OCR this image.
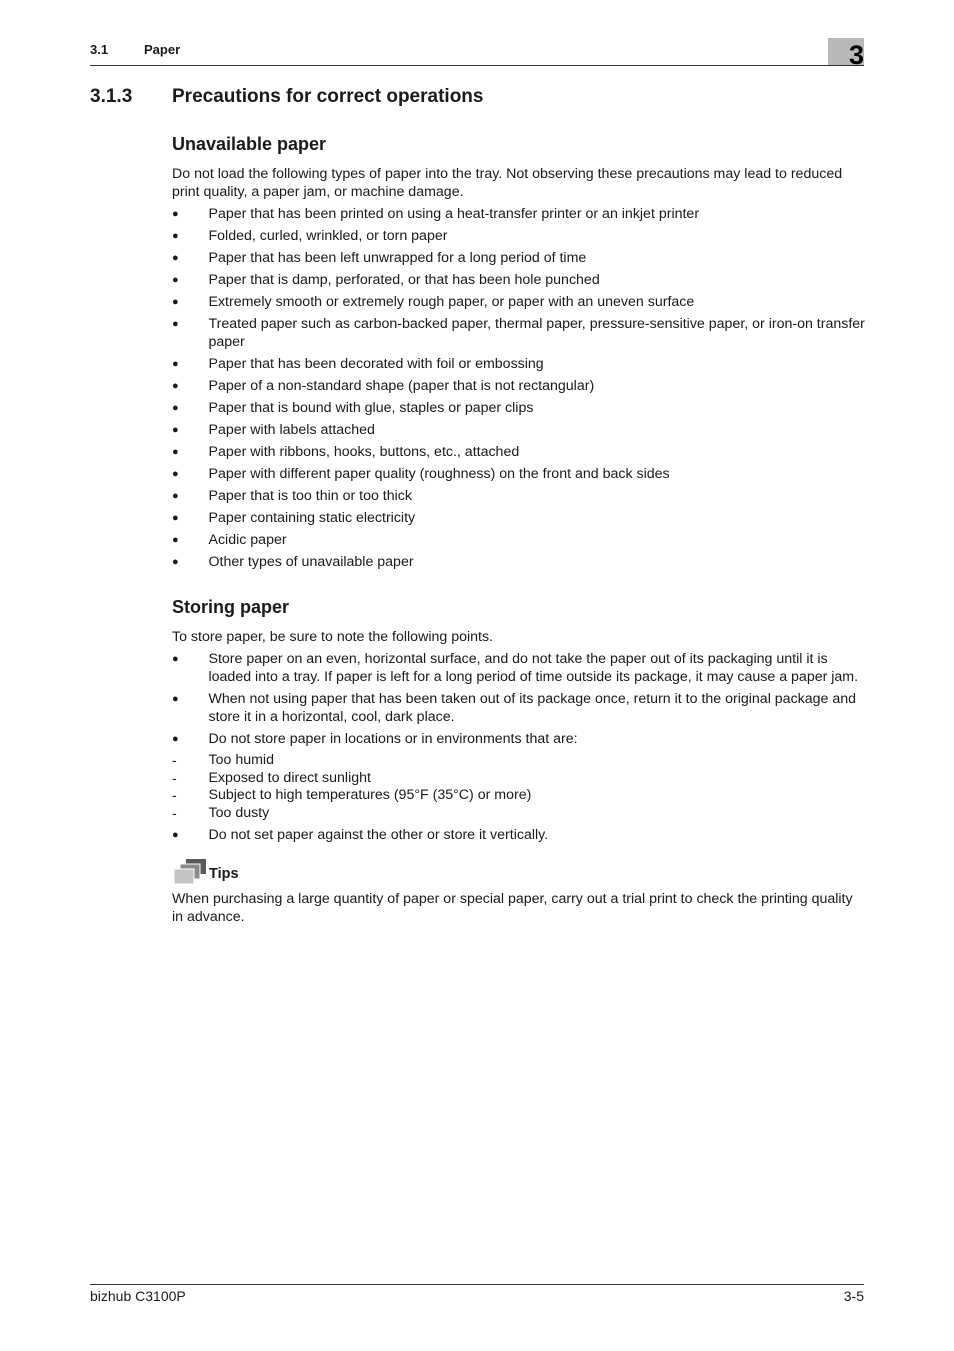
3.1	Paper	3
3.1.3 Precautions for correct operations
Unavailable paper
Do not load the following types of paper into the tray. Not observing these precautions may lead to reduced print quality, a paper jam, or machine damage.
●	Paper that has been printed on using a heat-transfer printer or an inkjet printer
●	Folded, curled, wrinkled, or torn paper
●	Paper that has been left unwrapped for a long period of time
●	Paper that is damp, perforated, or that has been hole punched
●	Extremely smooth or extremely rough paper, or paper with an uneven surface
●	Treated paper such as carbon-backed paper, thermal paper, pressure-sensitive paper, or iron-on transfer paper
●	Paper that has been decorated with foil or embossing
●	Paper of a non-standard shape (paper that is not rectangular)
●	Paper that is bound with glue, staples or paper clips
●	Paper with labels attached
●	Paper with ribbons, hooks, buttons, etc., attached
●	Paper with different paper quality (roughness) on the front and back sides
●	Paper that is too thin or too thick
●	Paper containing static electricity
●	Acidic paper
●	Other types of unavailable paper
Storing paper
To store paper, be sure to note the following points.
●	Store paper on an even, horizontal surface, and do not take the paper out of its packaging until it is loaded into a tray. If paper is left for a long period of time outside its package, it may cause a paper jam.
●	When not using paper that has been taken out of its package once, return it to the original package and store it in a horizontal, cool, dark place.
●	Do not store paper in locations or in environments that are:
-	Too humid
-	Exposed to direct sunlight
-	Subject to high temperatures (95°F (35°C) or more)
-	Too dusty
●	Do not set paper against the other or store it vertically.
Tips
When purchasing a large quantity of paper or special paper, carry out a trial print to check the printing quality in advance.
bizhub C3100P	3-5
